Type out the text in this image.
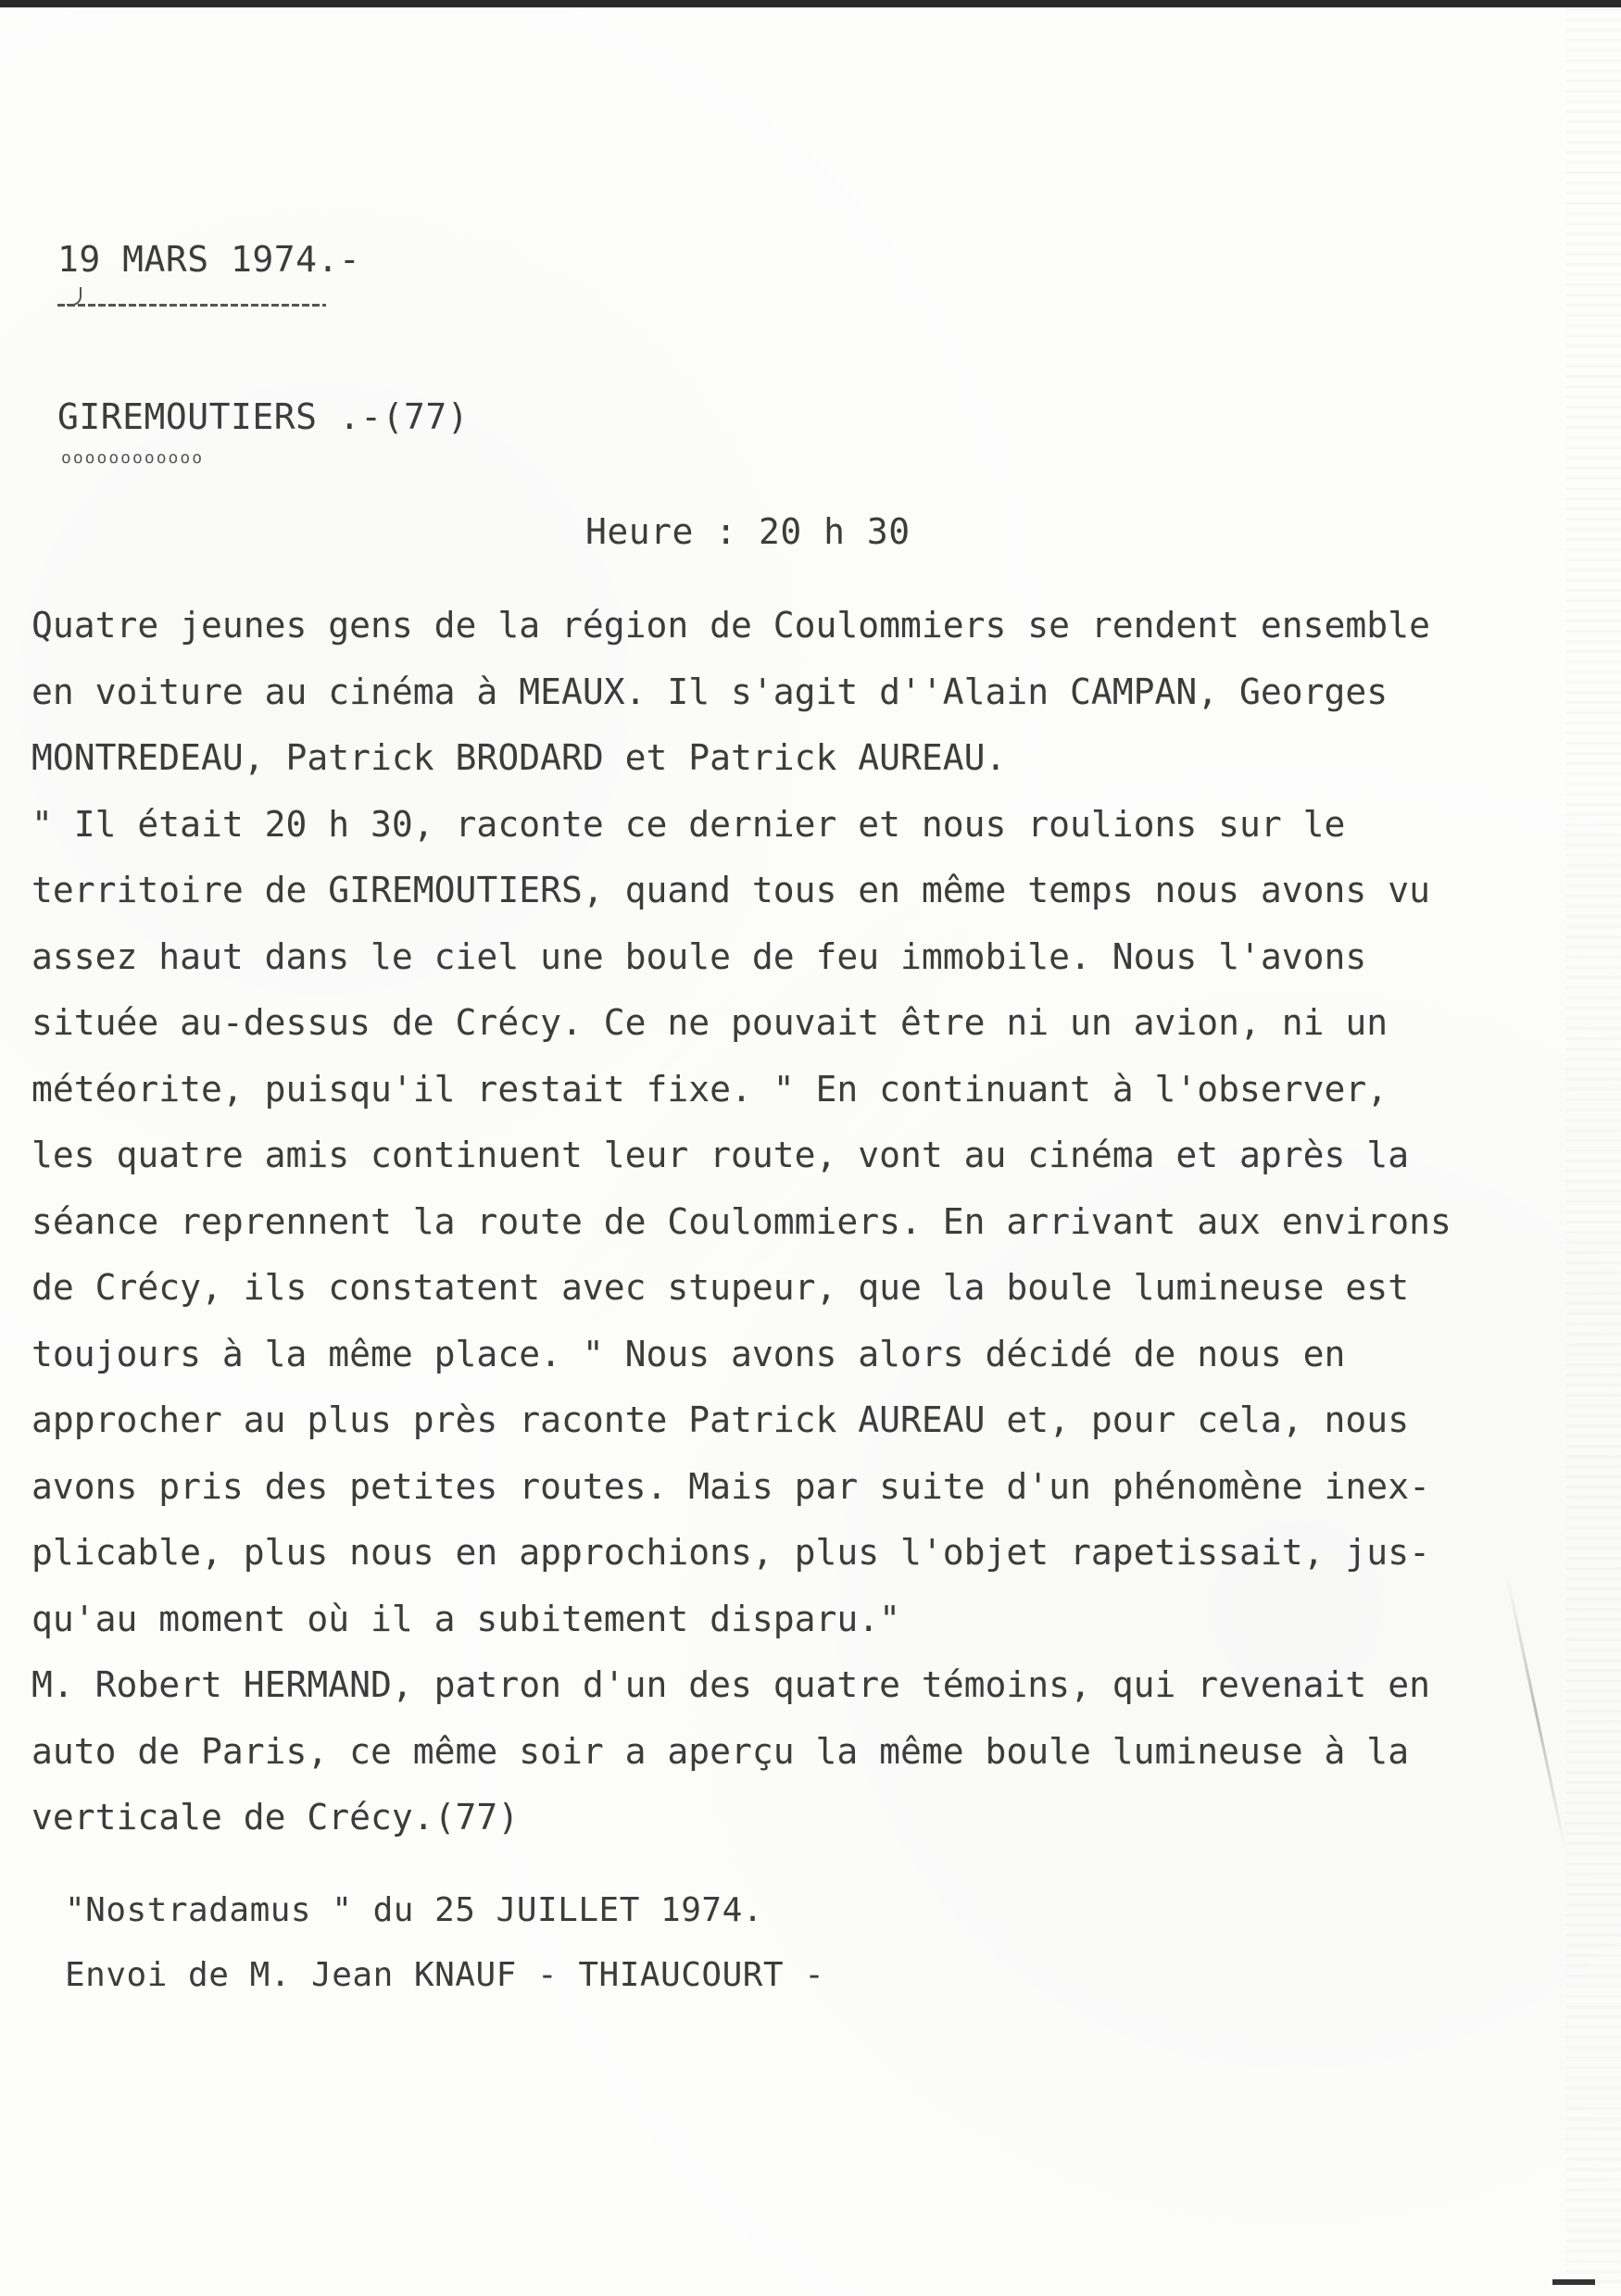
19 MARS 1974.-
GIREMOUTIERS .-(77)
oooooooooooo
Heure : 20 h 30
Quatre jeunes gens de la région de Coulommiers se rendent ensemble
en voiture au cinéma à MEAUX. Il s'agit d''Alain CAMPAN, Georges
MONTREDEAU, Patrick BRODARD et Patrick AUREAU.
" Il était 20 h 30, raconte ce dernier et nous roulions sur le
territoire de GIREMOUTIERS, quand tous en même temps nous avons vu
assez haut dans le ciel une boule de feu immobile. Nous l'avons
située au-dessus de Crécy. Ce ne pouvait être ni un avion, ni un
météorite, puisqu'il restait fixe. " En continuant à l'observer,
les quatre amis continuent leur route, vont au cinéma et après la
séance reprennent la route de Coulommiers. En arrivant aux environs
de Crécy, ils constatent avec stupeur, que la boule lumineuse est
toujours à la même place. " Nous avons alors décidé de nous en
approcher au plus près raconte Patrick AUREAU et, pour cela, nous
avons pris des petites routes. Mais par suite d'un phénomène inex-
plicable, plus nous en approchions, plus l'objet rapetissait, jus-
qu'au moment où il a subitement disparu."
M. Robert HERMAND, patron d'un des quatre témoins, qui revenait en
auto de Paris, ce même soir a aperçu la même boule lumineuse à la
verticale de Crécy.(77)
"Nostradamus " du 25 JUILLET 1974.
Envoi de M. Jean KNAUF - THIAUCOURT -
